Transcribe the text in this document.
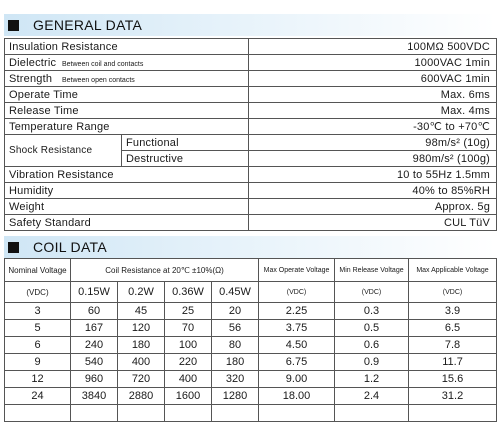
GENERAL DATA
Insulation Resistance		100MΩ 500VDC
Dielectric Between coil and contacts		1000VAC 1min
Strength Between open contacts		600VAC 1min
Operate Time		Max. 6ms
Release Time		Max. 4ms
Temperature Range		-30℃ to +70℃
Shock Resistance	Functional	98m/s² (10g)
	Destructive	980m/s² (100g)
Vibration Resistance		10 to 55Hz 1.5mm
Humidity		40% to 85%RH
Weight		Approx. 5g
Safety Standard		CUL TüV
COIL DATA
Nominal Voltage	Coil Resistance at 20℃ ±10%(Ω)				Max Operate Voltage	Min Release Voltage	Max Applicable Voltage
(VDC)	0.15W	0.2W	0.36W	0.45W	(VDC)	(VDC)	(VDC)
3	60	45	25	20	2.25	0.3	3.9
5	167	120	70	56	3.75	0.5	6.5
6	240	180	100	80	4.50	0.6	7.8
9	540	400	220	180	6.75	0.9	11.7
12	960	720	400	320	9.00	1.2	15.6
24	3840	2880	1600	1280	18.00	2.4	31.2
